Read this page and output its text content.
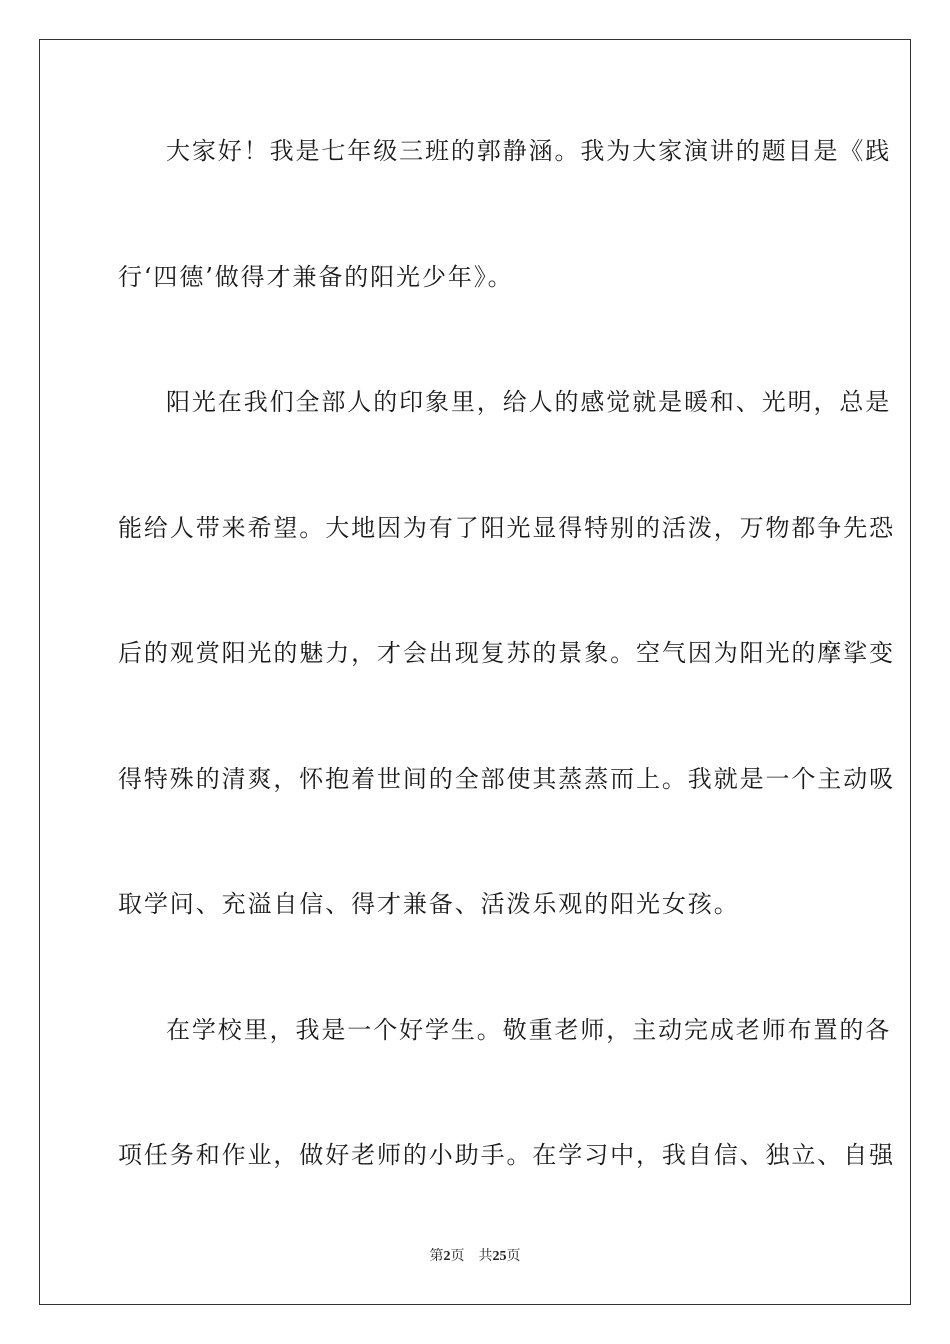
大家好！我是七年级三班的郭静涵。我为大家演讲的题目是《践
行‘四德’做得才兼备的阳光少年》。
阳光在我们全部人的印象里，给人的感觉就是暖和、光明，总是
能给人带来希望。大地因为有了阳光显得特别的活泼，万物都争先恐
后的观赏阳光的魅力，才会出现复苏的景象。空气因为阳光的摩挲变
得特殊的清爽，怀抱着世间的全部使其蒸蒸而上。我就是一个主动吸
取学问、充溢自信、得才兼备、活泼乐观的阳光女孩。
在学校里，我是一个好学生。敬重老师，主动完成老师布置的各
项任务和作业，做好老师的小助手。在学习中，我自信、独立、自强
第2页 共25页
